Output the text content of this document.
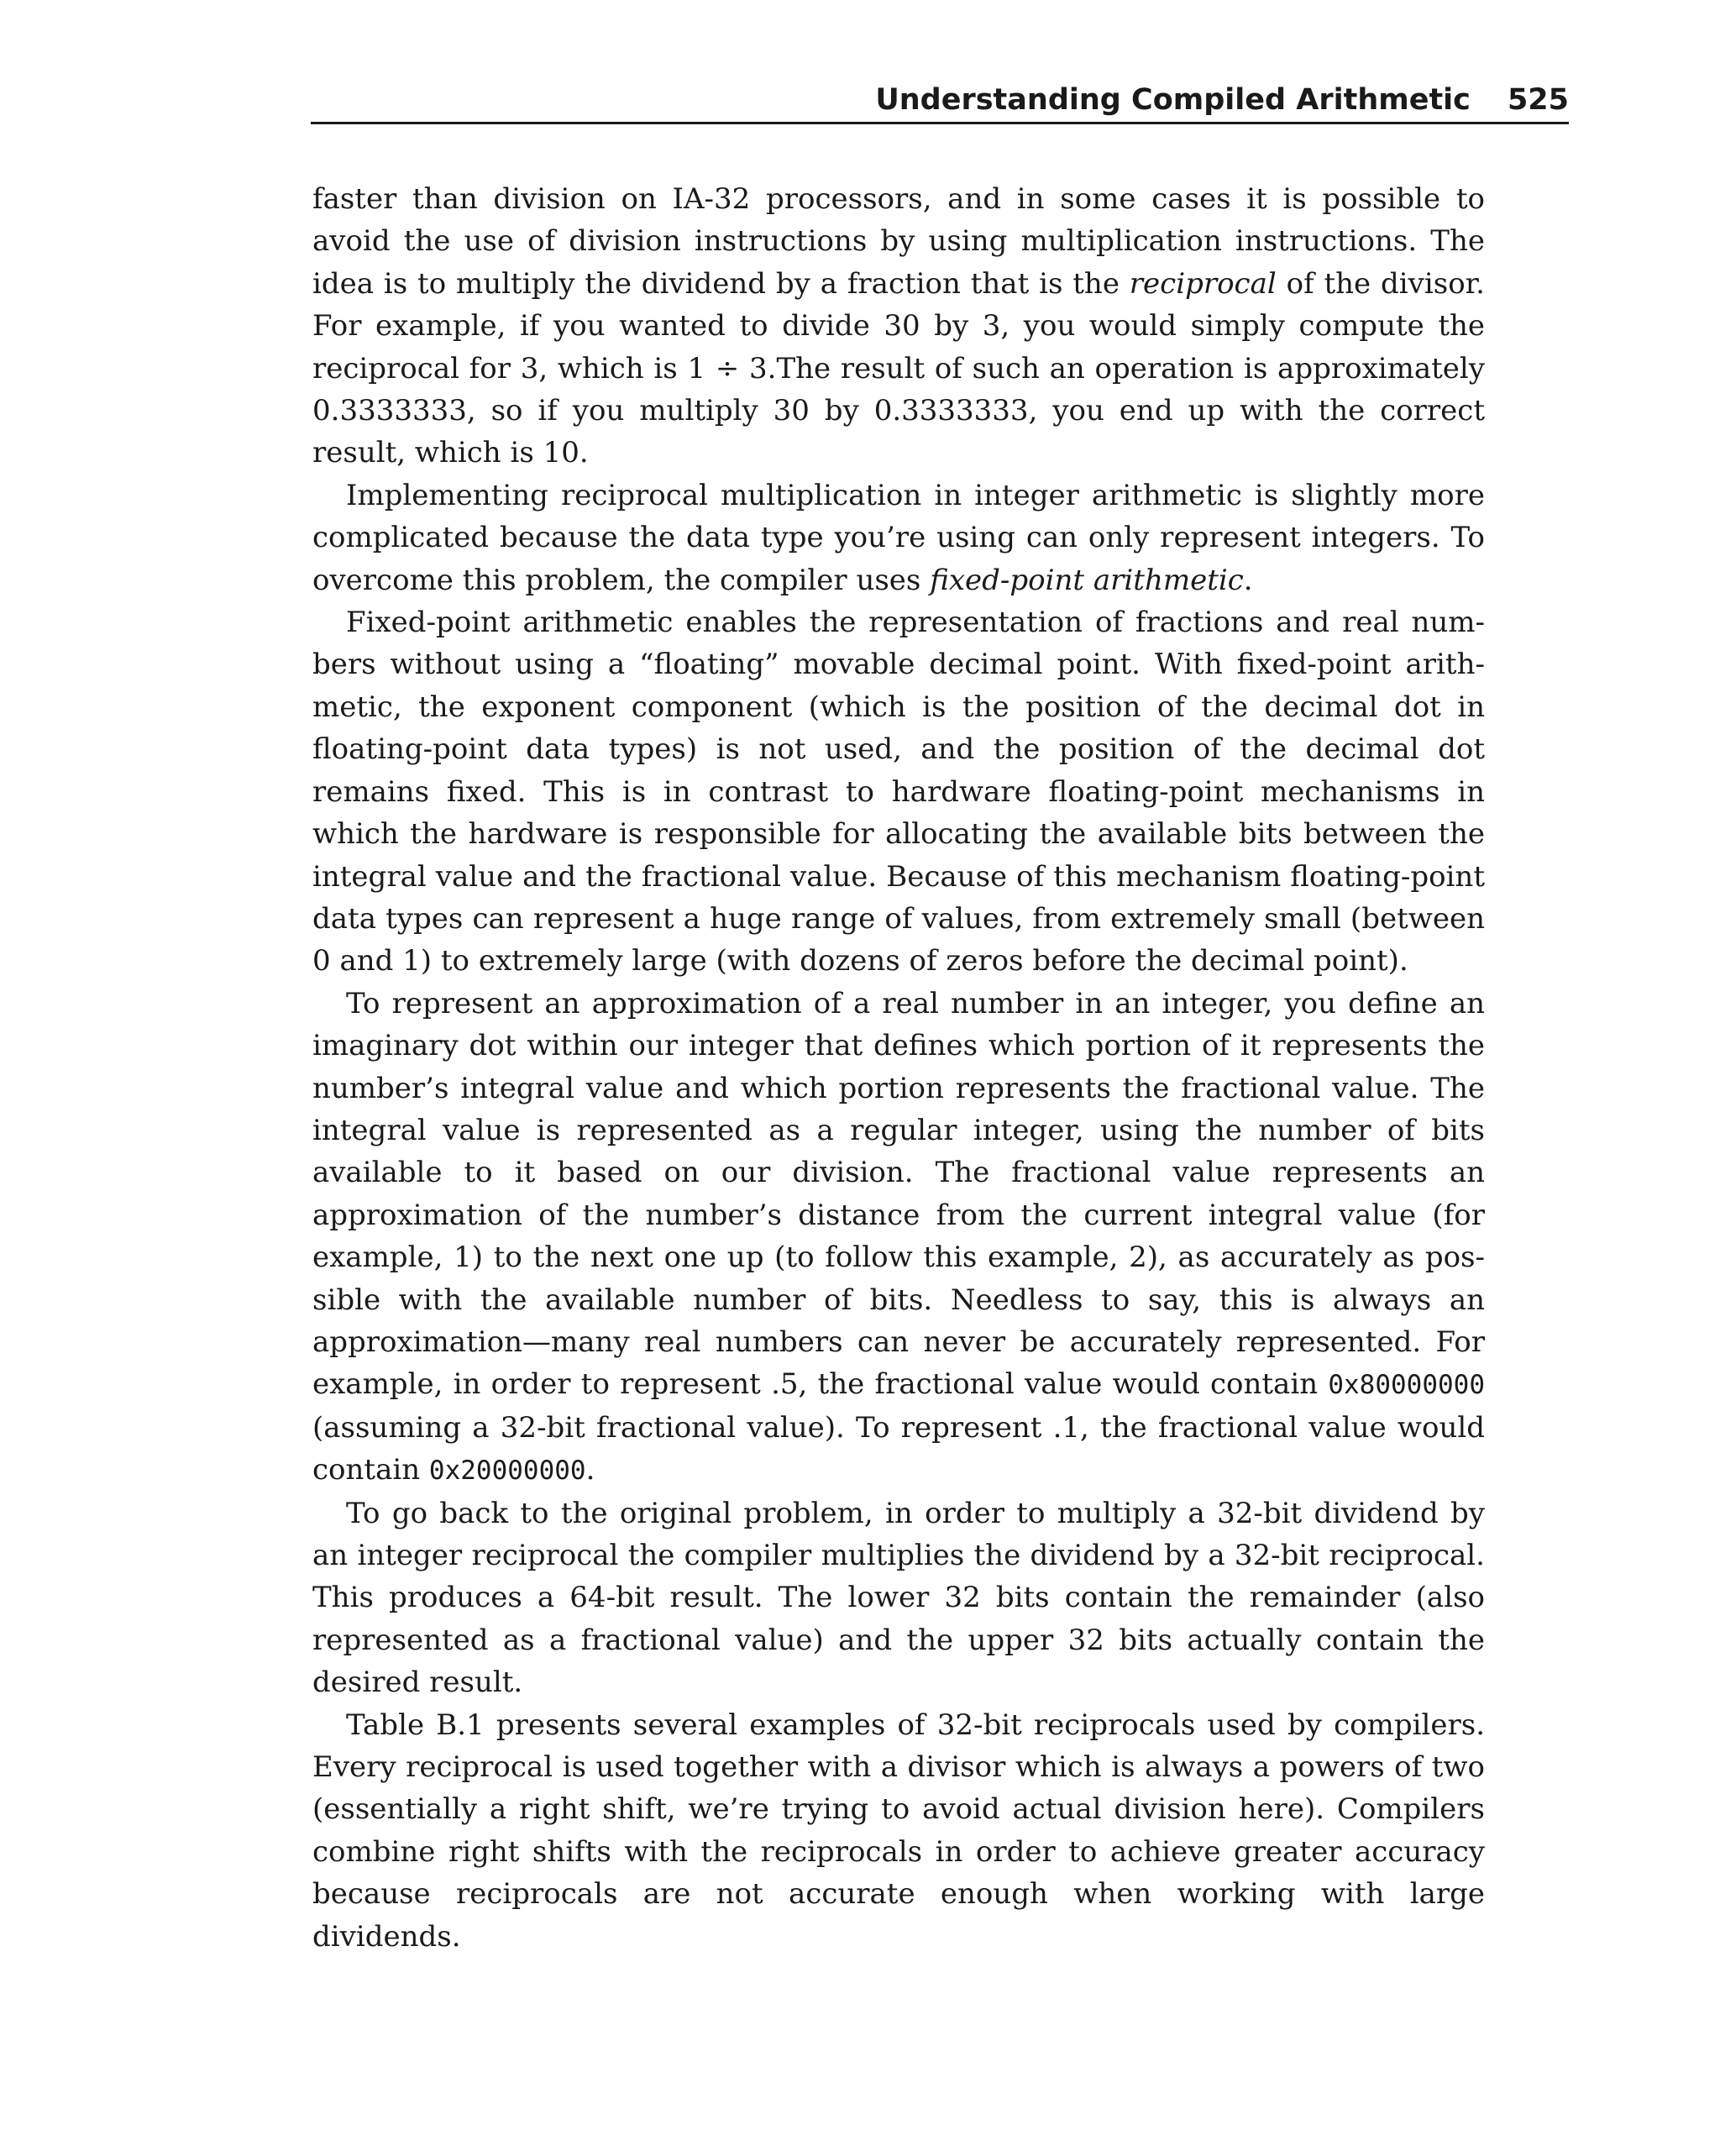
Understanding Compiled Arithmetic 525

faster than division on IA-32 processors, and in some cases it is possible to avoid the use of division instructions by using multiplication instructions. The idea is to multiply the dividend by a fraction that is the reciprocal of the divisor. For example, if you wanted to divide 30 by 3, you would simply compute the reciprocal for 3, which is 1 ÷ 3.The result of such an operation is approximately 0.3333333, so if you multiply 30 by 0.3333333, you end up with the correct result, which is 10.

Implementing reciprocal multiplication in integer arithmetic is slightly more complicated because the data type you’re using can only represent integers. To overcome this problem, the compiler uses fixed-point arithmetic.

Fixed-point arithmetic enables the representation of fractions and real numbers without using a “floating” movable decimal point. With fixed-point arithmetic, the exponent component (which is the position of the decimal dot in floating-point data types) is not used, and the position of the decimal dot remains fixed. This is in contrast to hardware floating-point mechanisms in which the hardware is responsible for allocating the available bits between the integral value and the fractional value. Because of this mechanism floating-point data types can represent a huge range of values, from extremely small (between 0 and 1) to extremely large (with dozens of zeros before the decimal point).

To represent an approximation of a real number in an integer, you define an imaginary dot within our integer that defines which portion of it represents the number’s integral value and which portion represents the fractional value. The integral value is represented as a regular integer, using the number of bits available to it based on our division. The fractional value represents an approximation of the number’s distance from the current integral value (for example, 1) to the next one up (to follow this example, 2), as accurately as possible with the available number of bits. Needless to say, this is always an approximation—many real numbers can never be accurately represented. For example, in order to represent .5, the fractional value would contain 0x80000000 (assuming a 32-bit fractional value). To represent .1, the fractional value would contain 0x20000000.

To go back to the original problem, in order to multiply a 32-bit dividend by an integer reciprocal the compiler multiplies the dividend by a 32-bit reciprocal. This produces a 64-bit result. The lower 32 bits contain the remainder (also represented as a fractional value) and the upper 32 bits actually contain the desired result.

Table B.1 presents several examples of 32-bit reciprocals used by compilers. Every reciprocal is used together with a divisor which is always a powers of two (essentially a right shift, we’re trying to avoid actual division here). Compilers combine right shifts with the reciprocals in order to achieve greater accuracy because reciprocals are not accurate enough when working with large dividends.
